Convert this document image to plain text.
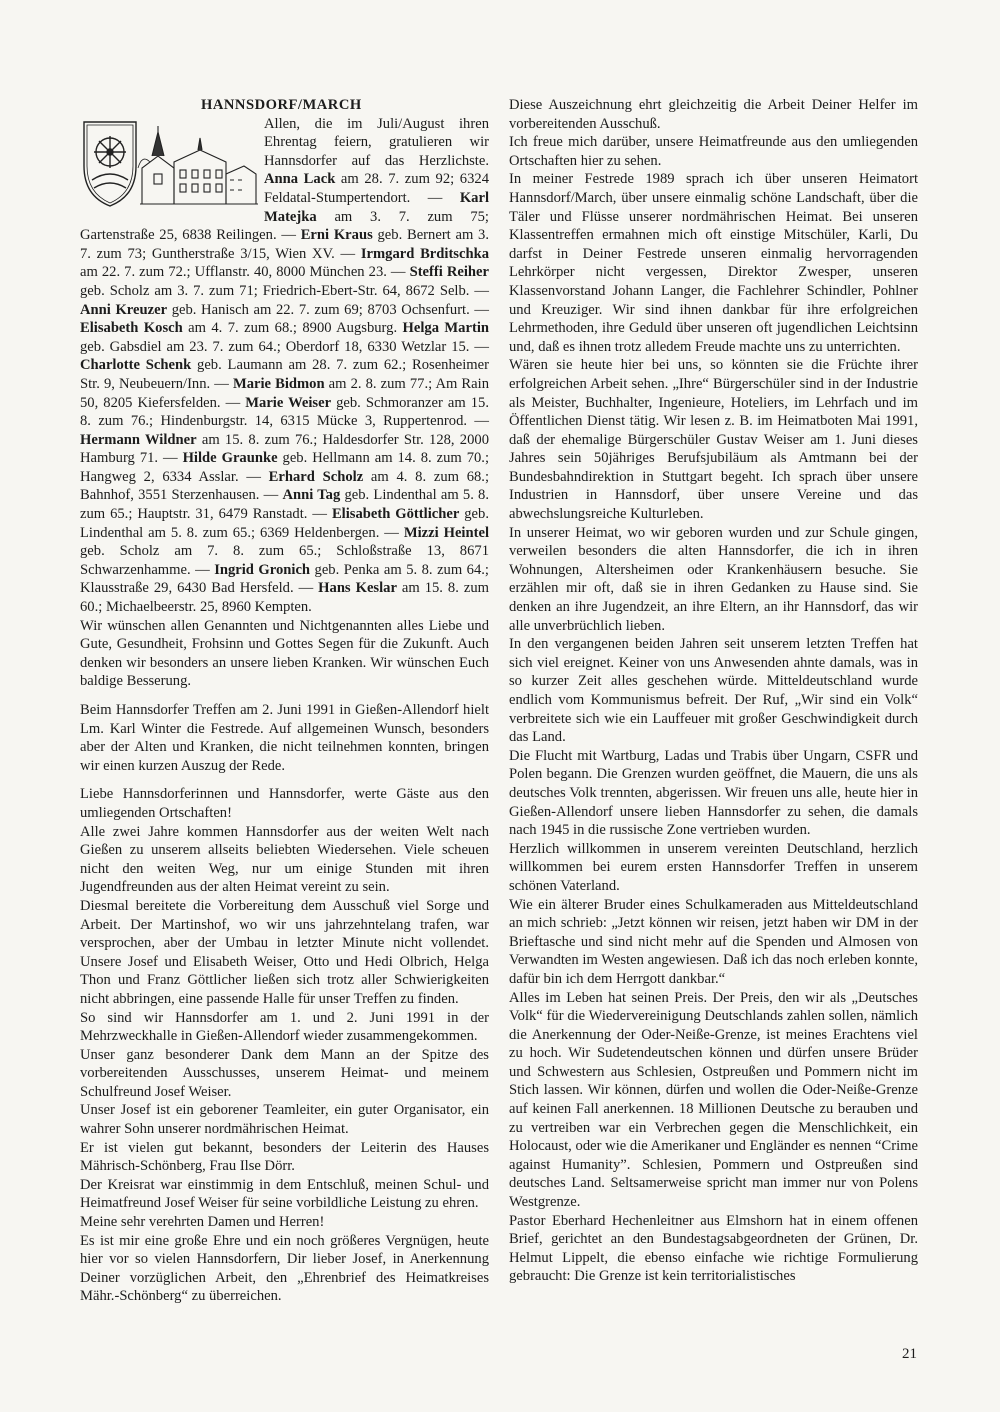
HANNSDORF/MARCH

Allen, die im Juli/August ihren Ehrentag feiern, gratulieren wir Hannsdorfer auf das Herzlichste. Anna Lack am 28. 7. zum 92; 6324 Feldatal-Stumpertendort. — Karl Matejka am 3. 7. zum 75; Gartenstraße 25, 6838 Reilingen. — Erni Kraus geb. Bernert am 3. 7. zum 73; Guntherstraße 3/15, Wien XV. — Irmgard Brditschka am 22. 7. zum 72.; Ufflanstr. 40, 8000 München 23. — Steffi Reiher geb. Scholz am 3. 7. zum 71; Friedrich-Ebert-Str. 64, 8672 Selb. — Anni Kreuzer geb. Hanisch am 22. 7. zum 69; 8703 Ochsenfurt. — Elisabeth Kosch am 4. 7. zum 68.; 8900 Augsburg. Helga Martin geb. Gabsdiel am 23. 7. zum 64.; Oberdorf 18, 6330 Wetzlar 15. — Charlotte Schenk geb. Laumann am 28. 7. zum 62.; Rosenheimer Str. 9, Neubeuern/Inn. — Marie Bidmon am 2. 8. zum 77.; Am Rain 50, 8205 Kiefersfelden. — Marie Weiser geb. Schmoranzer am 15. 8. zum 76.; Hindenburgstr. 14, 6315 Mücke 3, Ruppertenrod. — Hermann Wildner am 15. 8. zum 76.; Haldesdorfer Str. 128, 2000 Hamburg 71. — Hilde Graunke geb. Hellmann am 14. 8. zum 70.; Hangweg 2, 6334 Asslar. — Erhard Scholz am 4. 8. zum 68.; Bahnhof, 3551 Sterzenhausen. — Anni Tag geb. Lindenthal am 5. 8. zum 65.; Hauptstr. 31, 6479 Ranstadt. — Elisabeth Göttlicher geb. Lindenthal am 5. 8. zum 65.; 6369 Heldenbergen. — Mizzi Heintel geb. Scholz am 7. 8. zum 65.; Schloßstraße 13, 8671 Schwarzenhamme. — Ingrid Gronich geb. Penka am 5. 8. zum 64.; Klausstraße 29, 6430 Bad Hersfeld. — Hans Keslar am 15. 8. zum 60.; Michaelbeerstr. 25, 8960 Kempten.

Wir wünschen allen Genannten und Nichtgenannten alles Liebe und Gute, Gesundheit, Frohsinn und Gottes Segen für die Zukunft. Auch denken wir besonders an unsere lieben Kranken. Wir wünschen Euch baldige Besserung.

Beim Hannsdorfer Treffen am 2. Juni 1991 in Gießen-Allendorf hielt Lm. Karl Winter die Festrede. Auf allgemeinen Wunsch, besonders aber der Alten und Kranken, die nicht teilnehmen konnten, bringen wir einen kurzen Auszug der Rede.

Liebe Hannsdorferinnen und Hannsdorfer, werte Gäste aus den umliegenden Ortschaften!

Alle zwei Jahre kommen Hannsdorfer aus der weiten Welt nach Gießen zu unserem allseits beliebten Wiedersehen. Viele scheuen nicht den weiten Weg, nur um einige Stunden mit ihren Jugendfreunden aus der alten Heimat vereint zu sein.

Diesmal bereitete die Vorbereitung dem Ausschuß viel Sorge und Arbeit. Der Martinshof, wo wir uns jahrzehntelang trafen, war versprochen, aber der Umbau in letzter Minute nicht vollendet. Unsere Josef und Elisabeth Weiser, Otto und Hedi Olbrich, Helga Thon und Franz Göttlicher ließen sich trotz aller Schwierigkeiten nicht abbringen, eine passende Halle für unser Treffen zu finden.

So sind wir Hannsdorfer am 1. und 2. Juni 1991 in der Mehrzweckhalle in Gießen-Allendorf wieder zusammengekommen.

Unser ganz besonderer Dank dem Mann an der Spitze des vorbereitenden Ausschusses, unserem Heimat- und meinem Schulfreund Josef Weiser.

Unser Josef ist ein geborener Teamleiter, ein guter Organisator, ein wahrer Sohn unserer nordmährischen Heimat.

Er ist vielen gut bekannt, besonders der Leiterin des Hauses Mährisch-Schönberg, Frau Ilse Dörr.

Der Kreisrat war einstimmig in dem Entschluß, meinen Schul- und Heimatfreund Josef Weiser für seine vorbildliche Leistung zu ehren.

Meine sehr verehrten Damen und Herren!

Es ist mir eine große Ehre und ein noch größeres Vergnügen, heute hier vor so vielen Hannsdorfern, Dir lieber Josef, in Anerkennung Deiner vorzüglichen Arbeit, den „Ehrenbrief des Heimatkreises Mähr.-Schönberg“ zu überreichen.

Diese Auszeichnung ehrt gleichzeitig die Arbeit Deiner Helfer im vorbereitenden Ausschuß.

Ich freue mich darüber, unsere Heimatfreunde aus den umliegenden Ortschaften hier zu sehen.

In meiner Festrede 1989 sprach ich über unseren Heimatort Hannsdorf/March, über unsere einmalig schöne Landschaft, über die Täler und Flüsse unserer nordmährischen Heimat. Bei unseren Klassentreffen ermahnen mich oft einstige Mitschüler, Karli, Du darfst in Deiner Festrede unseren einmalig hervorragenden Lehrkörper nicht vergessen, Direktor Zwesper, unseren Klassenvorstand Johann Langer, die Fachlehrer Schindler, Pohlner und Kreuziger. Wir sind ihnen dankbar für ihre erfolgreichen Lehrmethoden, ihre Geduld über unseren oft jugendlichen Leichtsinn und, daß es ihnen trotz alledem Freude machte uns zu unterrichten.

Wären sie heute hier bei uns, so könnten sie die Früchte ihrer erfolgreichen Arbeit sehen. „Ihre“ Bürgerschüler sind in der Industrie als Meister, Buchhalter, Ingenieure, Hoteliers, im Lehrfach und im Öffentlichen Dienst tätig. Wir lesen z. B. im Heimatboten Mai 1991, daß der ehemalige Bürgerschüler Gustav Weiser am 1. Juni dieses Jahres sein 50jähriges Berufsjubiläum als Amtmann bei der Bundesbahndirektion in Stuttgart begeht. Ich sprach über unsere Industrien in Hannsdorf, über unsere Vereine und das abwechslungsreiche Kulturleben.

In unserer Heimat, wo wir geboren wurden und zur Schule gingen, verweilen besonders die alten Hannsdorfer, die ich in ihren Wohnungen, Altersheimen oder Krankenhäusern besuche. Sie erzählen mir oft, daß sie in ihren Gedanken zu Hause sind. Sie denken an ihre Jugendzeit, an ihre Eltern, an ihr Hannsdorf, das wir alle unverbrüchlich lieben.

In den vergangenen beiden Jahren seit unserem letzten Treffen hat sich viel ereignet. Keiner von uns Anwesenden ahnte damals, was in so kurzer Zeit alles geschehen würde. Mitteldeutschland wurde endlich vom Kommunismus befreit. Der Ruf, „Wir sind ein Volk“ verbreitete sich wie ein Lauffeuer mit großer Geschwindigkeit durch das Land.

Die Flucht mit Wartburg, Ladas und Trabis über Ungarn, CSFR und Polen begann. Die Grenzen wurden geöffnet, die Mauern, die uns als deutsches Volk trennten, abgerissen. Wir freuen uns alle, heute hier in Gießen-Allendorf unsere lieben Hannsdorfer zu sehen, die damals nach 1945 in die russische Zone vertrieben wurden.

Herzlich willkommen in unserem vereinten Deutschland, herzlich willkommen bei eurem ersten Hannsdorfer Treffen in unserem schönen Vaterland.

Wie ein älterer Bruder eines Schulkameraden aus Mitteldeutschland an mich schrieb: „Jetzt können wir reisen, jetzt haben wir DM in der Brieftasche und sind nicht mehr auf die Spenden und Almosen von Verwandten im Westen angewiesen. Daß ich das noch erleben konnte, dafür bin ich dem Herrgott dankbar.“

Alles im Leben hat seinen Preis. Der Preis, den wir als „Deutsches Volk“ für die Wiedervereinigung Deutschlands zahlen sollen, nämlich die Anerkennung der Oder-Neiße-Grenze, ist meines Erachtens viel zu hoch. Wir Sudetendeutschen können und dürfen unsere Brüder und Schwestern aus Schlesien, Ostpreußen und Pommern nicht im Stich lassen. Wir können, dürfen und wollen die Oder-Neiße-Grenze auf keinen Fall anerkennen. 18 Millionen Deutsche zu berauben und zu vertreiben war ein Verbrechen gegen die Menschlichkeit, ein Holocaust, oder wie die Amerikaner und Engländer es nennen “Crime against Humanity”. Schlesien, Pommern und Ostpreußen sind deutsches Land. Seltsamerweise spricht man immer nur von Polens Westgrenze.

Pastor Eberhard Hechenleitner aus Elmshorn hat in einem offenen Brief, gerichtet an den Bundestagsabgeordneten der Grünen, Dr. Helmut Lippelt, die ebenso einfache wie richtige Formulierung gebraucht: Die Grenze ist kein territorialistisches

21
